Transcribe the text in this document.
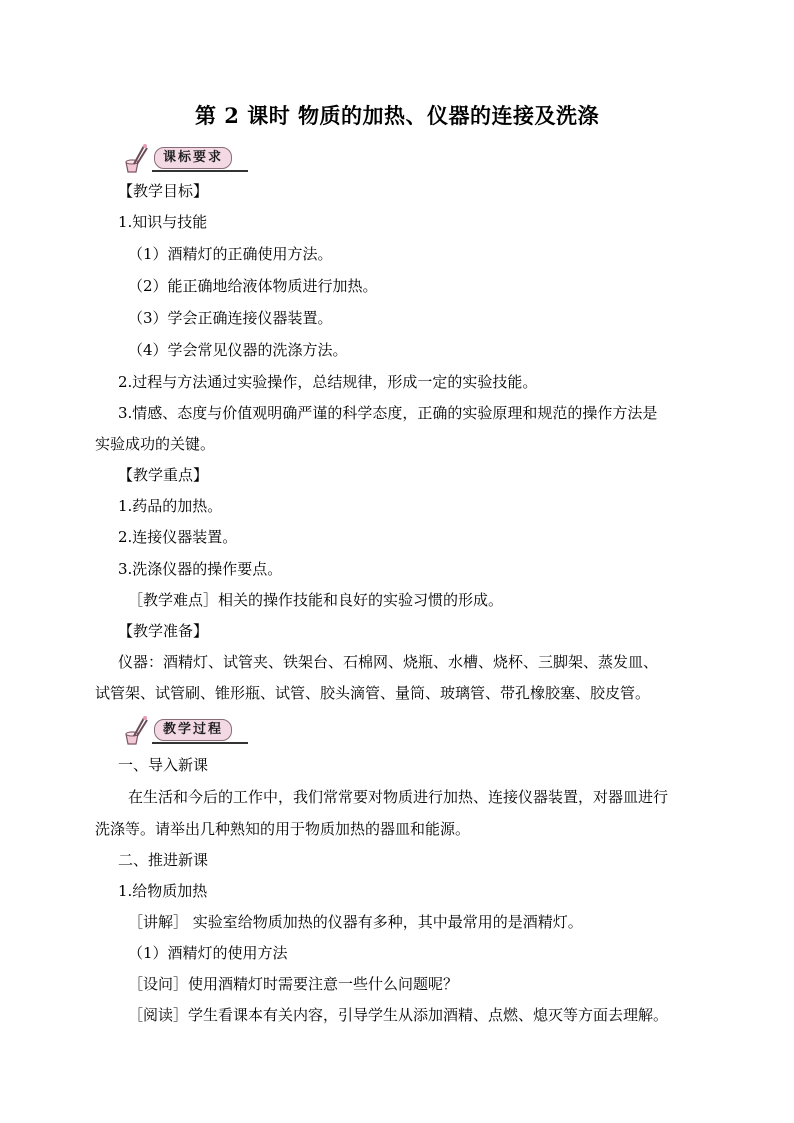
第 2 课时 物质的加热、仪器的连接及洗涤
课标要求
【教学目标】
1.知识与技能
（1）酒精灯的正确使用方法。
（2）能正确地给液体物质进行加热。
（3）学会正确连接仪器装置。
（4）学会常见仪器的洗涤方法。
2.过程与方法通过实验操作，总结规律，形成一定的实验技能。
3.情感、态度与价值观明确严谨的科学态度，正确的实验原理和规范的操作方法是
实验成功的关键。
【教学重点】
1.药品的加热。
2.连接仪器装置。
3.洗涤仪器的操作要点。
［教学难点］相关的操作技能和良好的实验习惯的形成。
【教学准备】
仪器：酒精灯、试管夹、铁架台、石棉网、烧瓶、水槽、烧杯、三脚架、蒸发皿、
试管架、试管刷、锥形瓶、试管、胶头滴管、量筒、玻璃管、带孔橡胶塞、胶皮管。
教学过程
一、导入新课
在生活和今后的工作中，我们常常要对物质进行加热、连接仪器装置，对器皿进行
洗涤等。请举出几种熟知的用于物质加热的器皿和能源。
二、推进新课
1.给物质加热
［讲解］ 实验室给物质加热的仪器有多种，其中最常用的是酒精灯。
（1）酒精灯的使用方法
［设问］使用酒精灯时需要注意一些什么问题呢？
［阅读］学生看课本有关内容，引导学生从添加酒精、点燃、熄灭等方面去理解。
